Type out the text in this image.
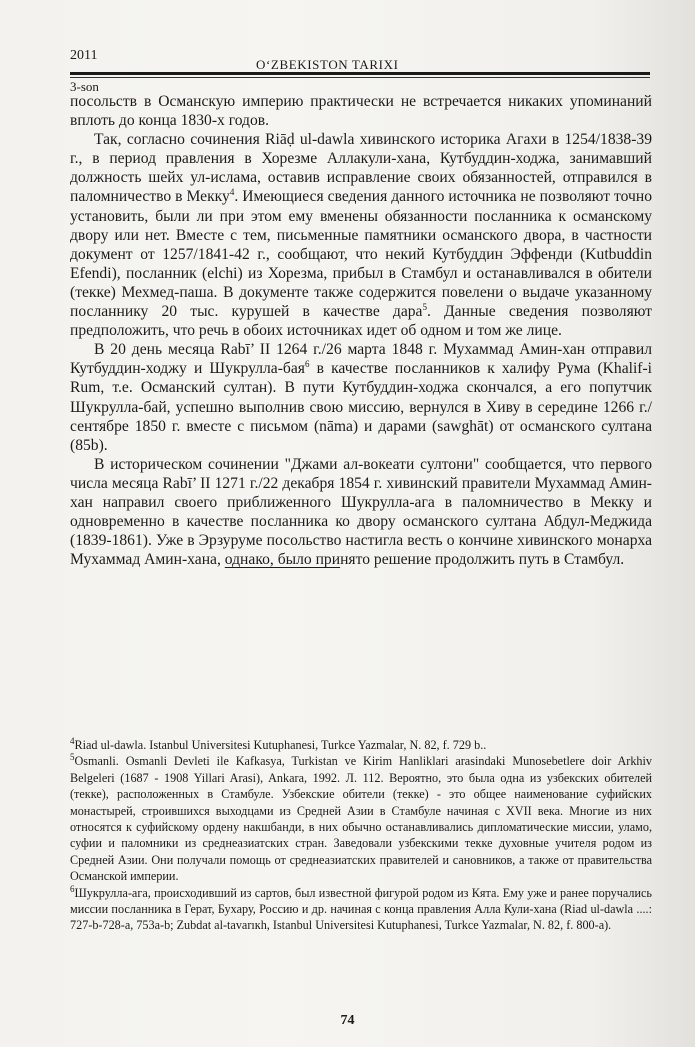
2011
O‘ZBEKISTON TARIXI
3-son

посольств в Османскую империю практически не встречается никаких упоминаний вплоть до конца 1830-х годов.

Так, согласно сочинения Riāḍ ul-dawla хивинского историка Агахи в 1254/1838-39 г., в период правления в Хорезме Аллакули-хана, Кутбуддин-ходжа, занимавший должность шейх ул-ислама, оставив исправление своих обязанностей, отправился в паломничество в Мекку$^4$. Имеющиеся сведения данного источника не позволяют точно установить, были ли при этом ему вменены обязанности посланника к османскому двору или нет. Вместе с тем, письменные памятники османского двора, в частности документ от 1257/1841-42 г., сообщают, что некий Кутбуддин Эффенди (Kutbuddin Efendi), посланник (elchi) из Хорезма, прибыл в Стамбул и останавливался в обители (текке) Мехмед-паша. В документе также содержится повелени о выдаче указанному посланнику 20 тыс. курушей в качестве дара$^5$. Данные сведения позволяют предположить, что речь в обоих источниках идет об одном и том же лице.

В 20 день месяца Rabī’ II 1264 г./26 марта 1848 г. Мухаммад Амин-хан отправил Кутбуддин-ходжу и Шукрулла-бая$^6$ в качестве посланников к халифу Рума (Khalif-i Rum, т.е. Османский султан). В пути Кутбуддин-ходжа скончался, а его попутчик Шукрулла-бай, успешно выполнив свою миссию, вернулся в Хиву в середине 1266 г./сентябре 1850 г. вместе с письмом (nāma) и дарами (sawghāt) от османского султана (85b).

В историческом сочинении "Джами ал-вокеати султони" сообщается, что первого числа месяца Rabī’ II 1271 г./22 декабря 1854 г. хивинский правители Мухаммад Амин-хан направил своего приближенного Шукрулла-ага в паломничество в Мекку и одновременно в качестве посланника ко двору османского султана Абдул-Меджида (1839-1861). Уже в Эрзуруме посольство настигла весть о кончине хивинского монарха Мухаммад Амин-хана, однако, было принято решение продолжить путь в Стамбул.

$^4$Riad ul-dawla. Istanbul Universitesi Kutuphanesi, Turkce Yazmalar, N. 82, f. 729 b..

$^5$Osmanli. Osmanli Devleti ile Kafkasya, Turkistan ve Kirim Hanliklari arasindaki Munosebetlere doir Arkhiv Belgeleri (1687 - 1908 Yillari Arasi), Ankara, 1992. Л. 112. Вероятно, это была одна из узбекских обителей (текке), расположенных в Стамбуле. Узбекские обители (текке) - это общее наименование суфийских монастырей, строившихся выходцами из Средней Азии в Стамбуле начиная с XVII века. Многие из них относятся к суфийскому ордену накшбанди, в них обычно останавливались дипломатические миссии, уламо, суфии и паломники из среднеазиатских стран. Заведовали узбекскими текке духовные учителя родом из Средней Азии. Они получали помощь от среднеазиатских правителей и сановников, а также от правительства Османской империи.

$^6$Шукрулла-ага, происходивший из сартов, был известной фигурой родом из Кята. Ему уже и ранее поручались миссии посланника в Герат, Бухару, Россию и др. начиная с конца правления Алла Кули-хана (Riad ul-dawla ....: 727-b-728-a, 753a-b; Zubdat al-tavarıкh, Istanbul Universitesi Kutuphanesi, Turkce Yazmalar, N. 82, f. 800-a).

74
